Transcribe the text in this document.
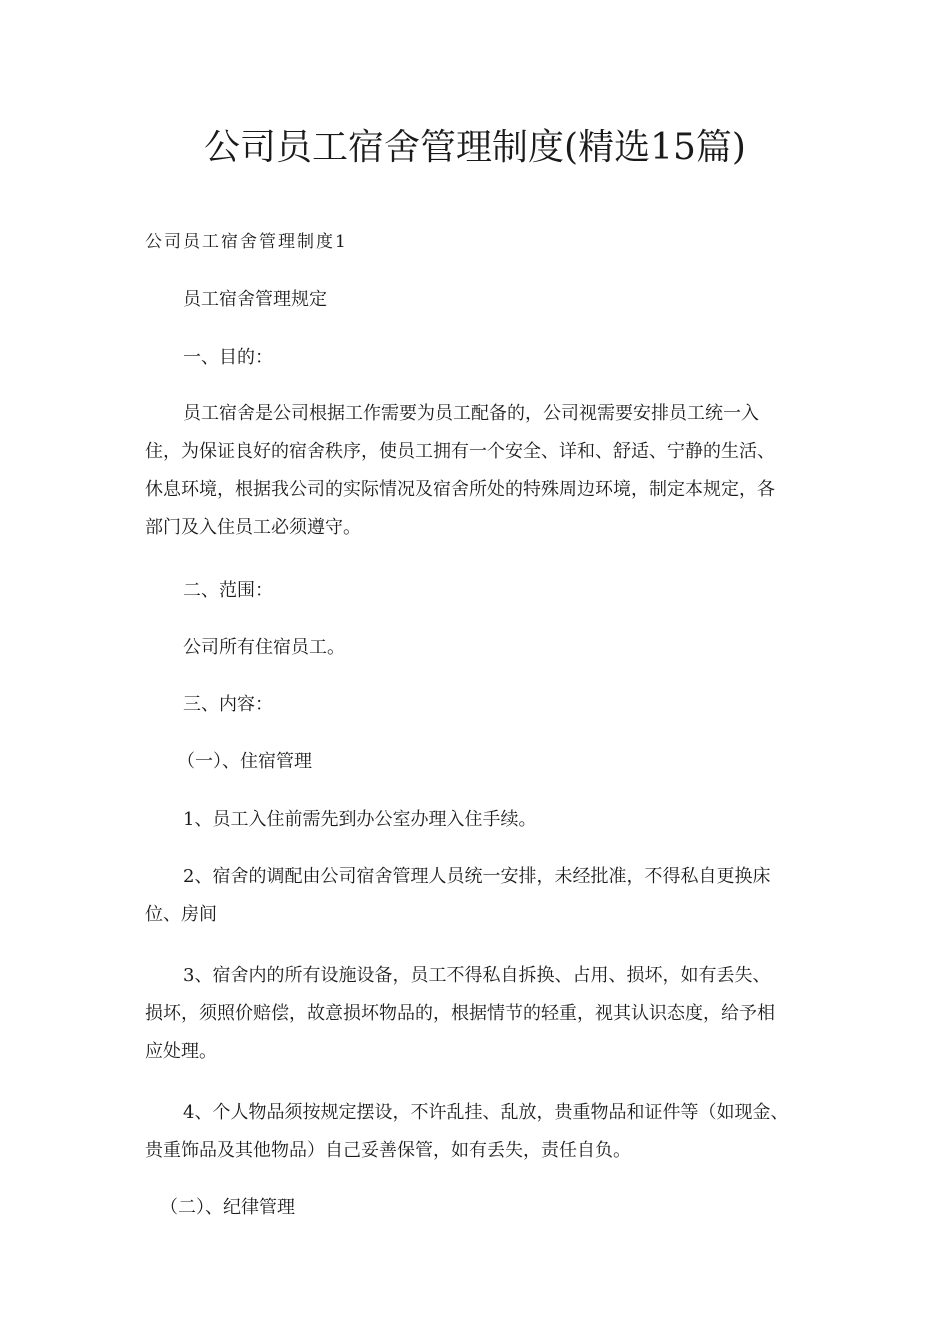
公司员工宿舍管理制度(精选15篇)
公司员工宿舍管理制度1
员工宿舍管理规定
一、目的：
员工宿舍是公司根据工作需要为员工配备的，公司视需要安排员工统一入
住，为保证良好的宿舍秩序，使员工拥有一个安全、详和、舒适、宁静的生活、
休息环境，根据我公司的实际情况及宿舍所处的特殊周边环境，制定本规定，各
部门及入住员工必须遵守。
二、范围：
公司所有住宿员工。
三、内容：
（一）、住宿管理
1、员工入住前需先到办公室办理入住手续。
2、宿舍的调配由公司宿舍管理人员统一安排，未经批准，不得私自更换床
位、房间
3、宿舍内的所有设施设备，员工不得私自拆换、占用、损坏，如有丢失、
损坏，须照价赔偿，故意损坏物品的，根据情节的轻重，视其认识态度，给予相
应处理。
4、个人物品须按规定摆设，不许乱挂、乱放，贵重物品和证件等（如现金、
贵重饰品及其他物品）自己妥善保管，如有丢失，责任自负。
（二）、纪律管理
